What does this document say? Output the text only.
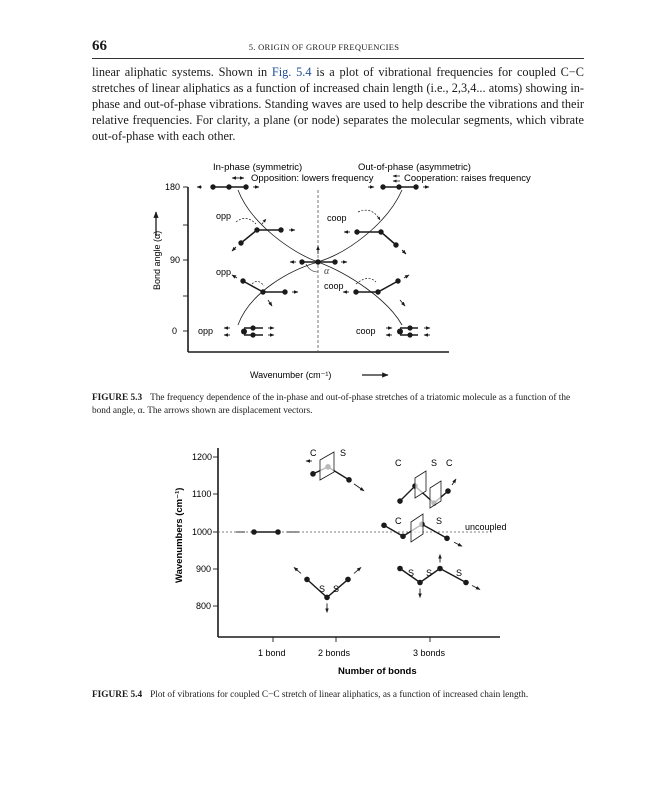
66	5. ORIGIN OF GROUP FREQUENCIES

linear aliphatic systems. Shown in Fig. 5.4 is a plot of vibrational frequencies for coupled C−C stretches of linear aliphatics as a function of increased chain length (i.e., 2,3,4... atoms) showing in-phase and out-of-phase vibrations. Standing waves are used to help describe the vibrations and their relative frequencies. For clarity, a plane (or node) separates the molecular segments, which vibrate out-of-phase with each other.

In-phase (symmetric)	Out-of-phase (asymmetric)
Opposition: lowers frequency	Cooperation: raises frequency
180
90
0
Bond angle (α)
Wavenumber (cm⁻¹)
opp	coop
α
opp
coop
opp	coop

FIGURE 5.3 The frequency dependence of the in-phase and out-of-phase stretches of a triatomic molecule as a function of the bond angle, α. The arrows shown are displacement vectors.

1200
1100
1000
900
800
1 bond	2 bonds	3 bonds
Number of bonds
Wavenumbers (cm⁻¹)	uncoupled
C	S
C	S C
C	S
S S
S S	S

FIGURE 5.4 Plot of vibrations for coupled C−C stretch of linear aliphatics, as a function of increased chain length.
